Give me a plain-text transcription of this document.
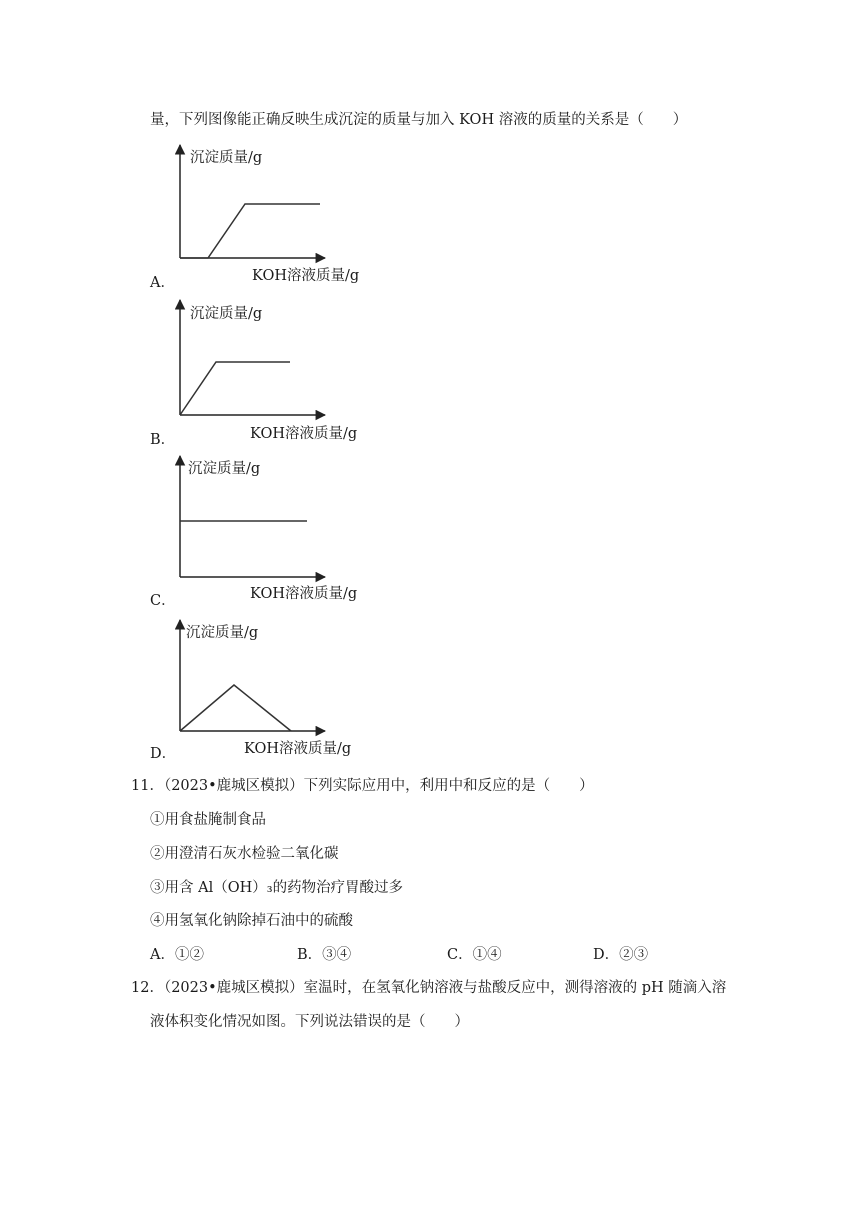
量，下列图像能正确反映生成沉淀的质量与加入 KOH 溶液的质量的关系是（　　）
沉淀质量/g
KOH溶液质量/g
A．
沉淀质量/g
KOH溶液质量/g
B．
沉淀质量/g
KOH溶液质量/g
C．
沉淀质量/g
KOH溶液质量/g
D．
11．（2023•鹿城区模拟）下列实际应用中，利用中和反应的是（　　）
①用食盐腌制食品
②用澄清石灰水检验二氧化碳
③用含 Al（OH）₃的药物治疗胃酸过多
④用氢氧化钠除掉石油中的硫酸
A．①②	B．③④	C．①④	D．②③
12．（2023•鹿城区模拟）室温时，在氢氧化钠溶液与盐酸反应中，测得溶液的 pH 随滴入溶
液体积变化情况如图。下列说法错误的是（　　）
